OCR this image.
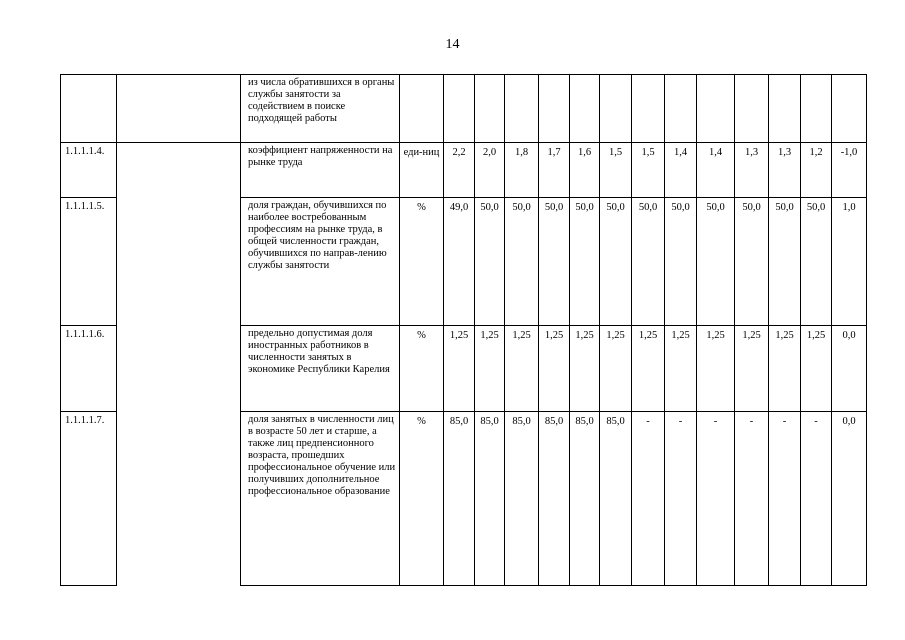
14
		из числа обратившихся в органы службы занятости за содействием в поиске подходящей работы														
1.1.1.1.4.		коэффициент напряженности на рынке труда	еди-ниц	2,2	2,0	1,8	1,7	1,6	1,5	1,5	1,4	1,4	1,3	1,3	1,2	-1,0
1.1.1.1.5.		доля граждан, обучившихся по наиболее востребованным профессиям на рынке труда, в общей численности граждан, обучившихся по направ-лению службы занятости	%	49,0	50,0	50,0	50,0	50,0	50,0	50,0	50,0	50,0	50,0	50,0	50,0	1,0
1.1.1.1.6.		предельно допустимая доля иностранных работников в численности занятых в экономике Республики Карелия	%	1,25	1,25	1,25	1,25	1,25	1,25	1,25	1,25	1,25	1,25	1,25	1,25	0,0
1.1.1.1.7.		доля занятых в численности лиц в возрасте 50 лет и старше, а также лиц предпенсионного возраста, прошедших профессиональное обучение или получивших дополнительное профессиональное образование	%	85,0	85,0	85,0	85,0	85,0	85,0	-	-	-	-	-	-	0,0
